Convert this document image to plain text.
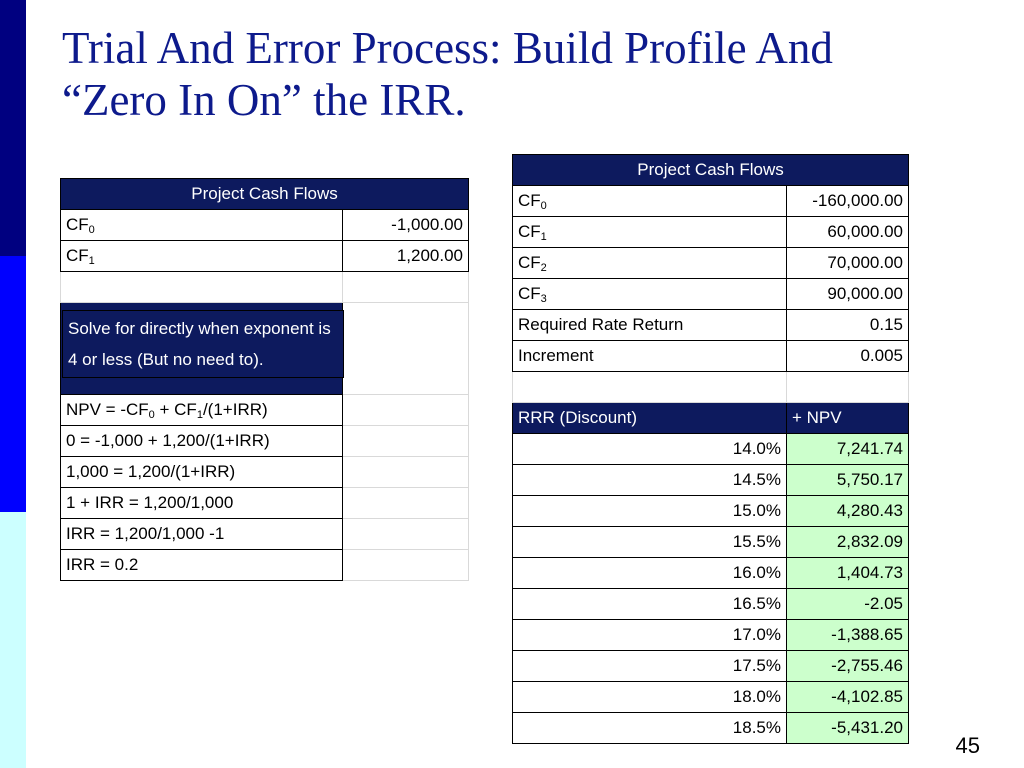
Trial And Error Process: Build Profile And
“Zero In On” the IRR.
Project Cash Flows	
$CF_0$	-1,000.00
$CF_1$	1,200.00

NPV = $-CF_0 + CF_1/(1+IRR)$	
0 = -1,000 + 1,200/(1+IRR)	
1,000 = 1,200/(1+IRR)	
1 + IRR = 1,200/1,000	
IRR = 1,200/1,000 -1	
IRR = 0.2	
Solve for directly when exponent is 4 or less (But no need to).
Project Cash Flows	
$CF_0$	-160,000.00
$CF_1$	60,000.00
$CF_2$	70,000.00
$CF_3$	90,000.00
Required Rate Return	0.15
Increment	0.005

RRR (Discount)	+ NPV
14.0%	7,241.74
14.5%	5,750.17
15.0%	4,280.43
15.5%	2,832.09
16.0%	1,404.73
16.5%	-2.05
17.0%	-1,388.65
17.5%	-2,755.46
18.0%	-4,102.85
18.5%	-5,431.20
45
